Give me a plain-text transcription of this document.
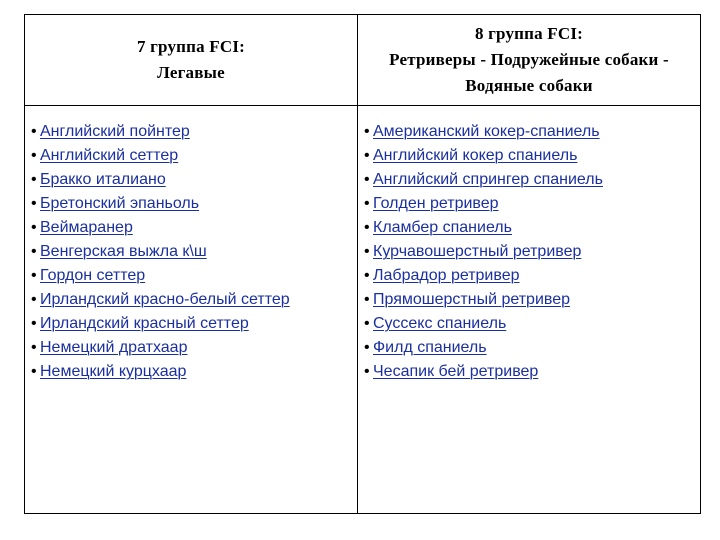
7 группа FCI:
Легавые
8 группа FCI:
Ретриверы - Подружейные собаки -
Водяные собаки
• Английский пойнтер
• Английский сеттер
• Бракко италиано
• Бретонский эпаньоль
• Веймаранер
• Венгерская выжла к\ш
• Гордон сеттер
• Ирландский красно-белый сеттер
• Ирландский красный сеттер
• Немецкий дратхаар
• Немецкий курцхаар
• Американский кокер-спаниель
• Английский кокер спаниель
• Английский спрингер спаниель
• Голден ретривер
• Кламбер спаниель
• Курчавошерстный ретривер
• Лабрадор ретривер
• Прямошерстный ретривер
• Суссекс спаниель
• Филд спаниель
• Чесапик бей ретривер
